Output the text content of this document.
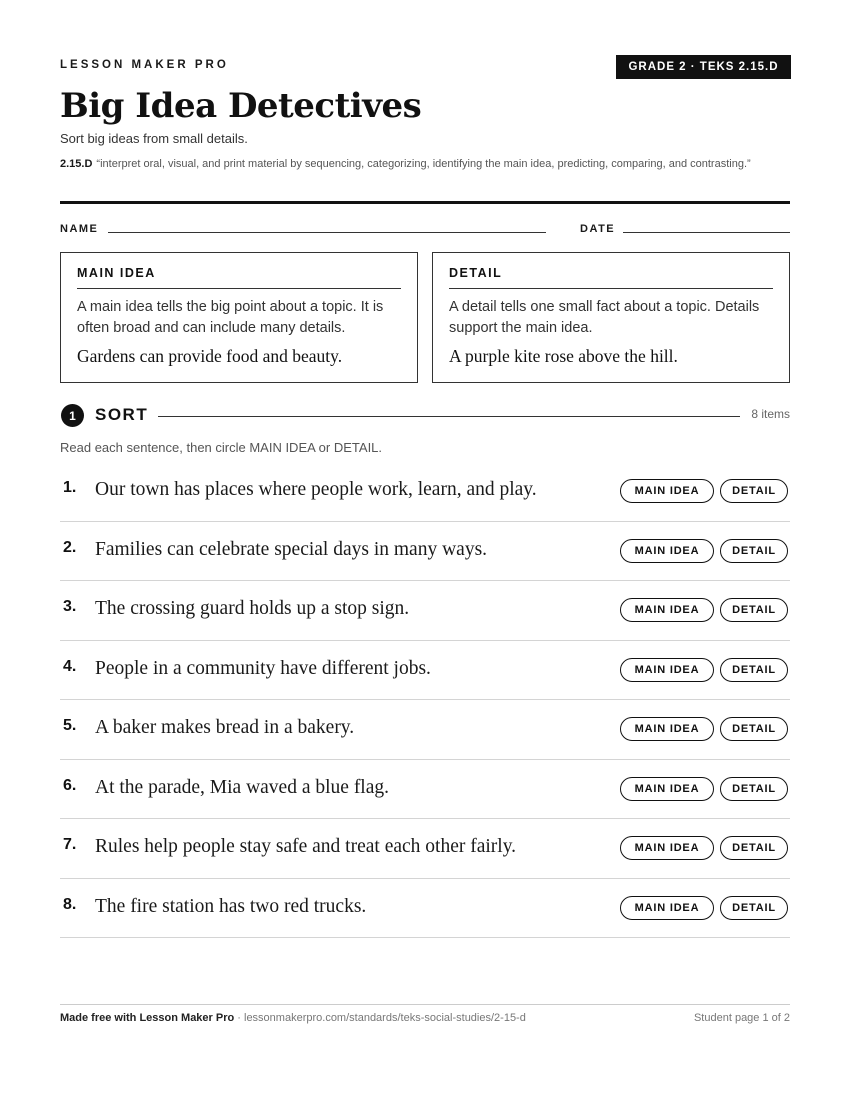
LESSON MAKER PRO	GRADE 2 · TEKS 2.15.D
Big Idea Detectives
Sort big ideas from small details.
2.15.D “interpret oral, visual, and print material by sequencing, categorizing, identifying the main idea, predicting, comparing, and contrasting.”
NAME	DATE
MAIN IDEA
A main idea tells the big point about a topic. It is often broad and can include many details.
Gardens can provide food and beauty.
DETAIL
A detail tells one small fact about a topic. Details support the main idea.
A purple kite rose above the hill.
1	SORT	8 items
Read each sentence, then circle MAIN IDEA or DETAIL.
1. Our town has places where people work, learn, and play.	MAIN IDEA	DETAIL
2. Families can celebrate special days in many ways.	MAIN IDEA	DETAIL
3. The crossing guard holds up a stop sign.	MAIN IDEA	DETAIL
4. People in a community have different jobs.	MAIN IDEA	DETAIL
5. A baker makes bread in a bakery.	MAIN IDEA	DETAIL
6. At the parade, Mia waved a blue flag.	MAIN IDEA	DETAIL
7. Rules help people stay safe and treat each other fairly.	MAIN IDEA	DETAIL
8. The fire station has two red trucks.	MAIN IDEA	DETAIL
Made free with Lesson Maker Pro · lessonmakerpro.com/standards/teks-social-studies/2-15-d	Student page 1 of 2
